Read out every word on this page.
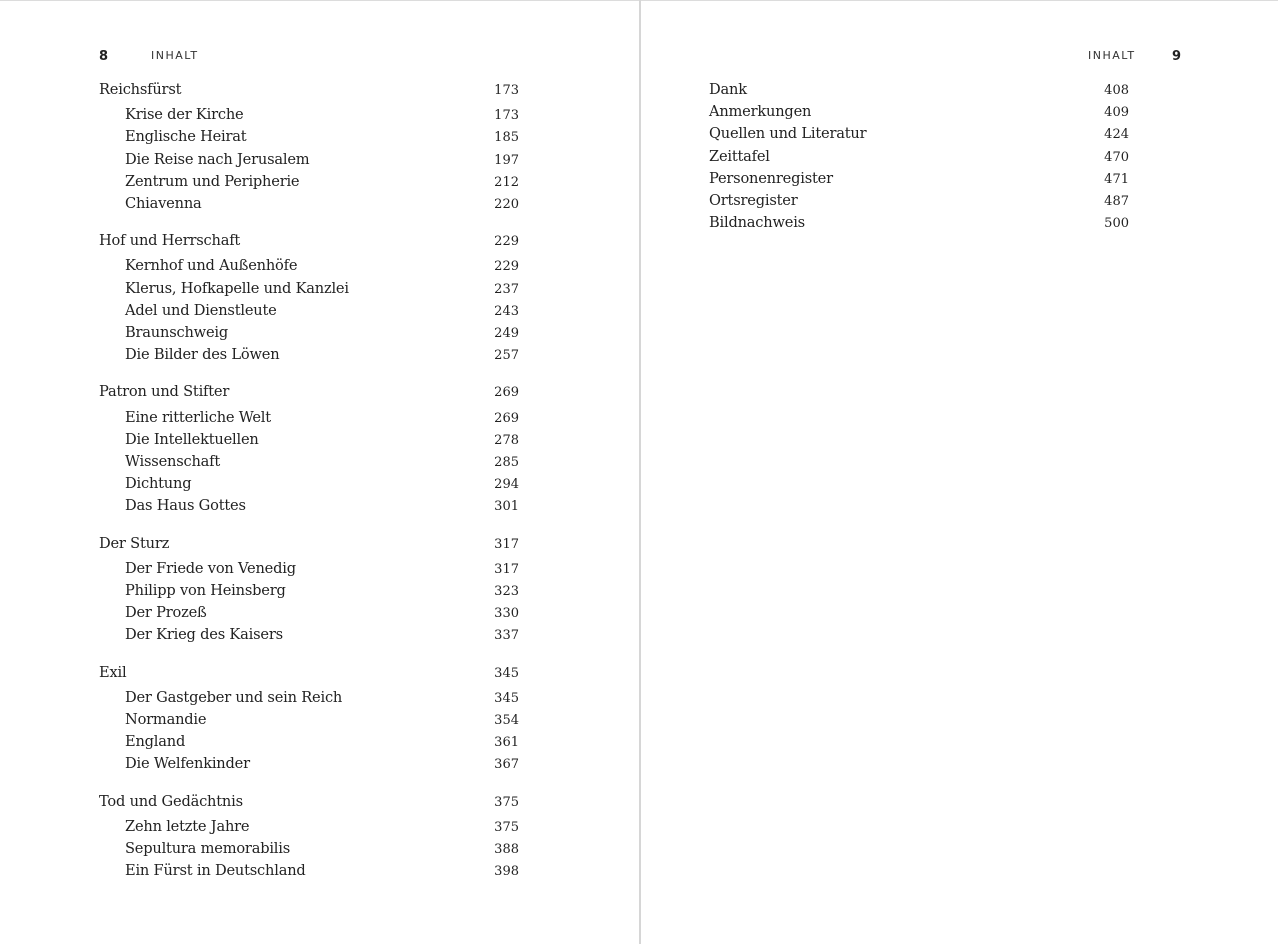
8	INHALT
Reichsfürst	173
Krise der Kirche	173
Englische Heirat	185
Die Reise nach Jerusalem	197
Zentrum und Peripherie	212
Chiavenna	220
Hof und Herrschaft	229
Kernhof und Außenhöfe	229
Klerus, Hofkapelle und Kanzlei	237
Adel und Dienstleute	243
Braunschweig	249
Die Bilder des Löwen	257
Patron und Stifter	269
Eine ritterliche Welt	269
Die Intellektuellen	278
Wissenschaft	285
Dichtung	294
Das Haus Gottes	301
Der Sturz	317
Der Friede von Venedig	317
Philipp von Heinsberg	323
Der Prozeß	330
Der Krieg des Kaisers	337
Exil	345
Der Gastgeber und sein Reich	345
Normandie	354
England	361
Die Welfenkinder	367
Tod und Gedächtnis	375
Zehn letzte Jahre	375
Sepultura memorabilis	388
Ein Fürst in Deutschland	398
INHALT	9
Dank	408
Anmerkungen	409
Quellen und Literatur	424
Zeittafel	470
Personenregister	471
Ortsregister	487
Bildnachweis	500
